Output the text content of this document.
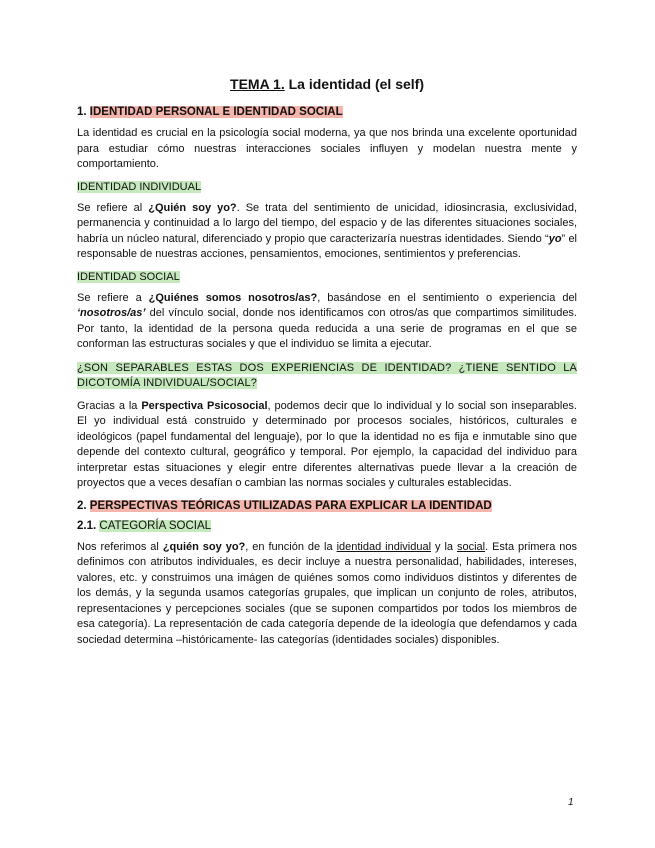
TEMA 1. La identidad (el self)
1. IDENTIDAD PERSONAL E IDENTIDAD SOCIAL

La identidad es crucial en la psicología social moderna, ya que nos brinda una excelente oportunidad para estudiar cómo nuestras interacciones sociales influyen y modelan nuestra mente y comportamiento.

IDENTIDAD INDIVIDUAL

Se refiere al ¿Quién soy yo?. Se trata del sentimiento de unicidad, idiosincrasia, exclusividad, permanencia y continuidad a lo largo del tiempo, del espacio y de las diferentes situaciones sociales, habría un núcleo natural, diferenciado y propio que caracterizaría nuestras identidades. Siendo “yo” el responsable de nuestras acciones, pensamientos, emociones, sentimientos y preferencias.

IDENTIDAD SOCIAL

Se refiere a ¿Quiénes somos nosotros/as?, basándose en el sentimiento o experiencia del ‘nosotros/as’ del vínculo social, donde nos identificamos con otros/as que compartimos similitudes. Por tanto, la identidad de la persona queda reducida a una serie de programas en el que se conforman las estructuras sociales y que el individuo se limita a ejecutar.

¿SON SEPARABLES ESTAS DOS EXPERIENCIAS DE IDENTIDAD? ¿TIENE SENTIDO LA DICOTOMÍA INDIVIDUAL/SOCIAL?

Gracias a la Perspectiva Psicosocial, podemos decir que lo individual y lo social son inseparables. El yo individual está construido y determinado por procesos sociales, históricos, culturales e ideológicos (papel fundamental del lenguaje), por lo que la identidad no es fija e inmutable sino que depende del contexto cultural, geográfico y temporal. Por ejemplo, la capacidad del individuo para interpretar estas situaciones y elegir entre diferentes alternativas puede llevar a la creación de proyectos que a veces desafían o cambian las normas sociales y culturales establecidas.

2. PERSPECTIVAS TEÓRICAS UTILIZADAS PARA EXPLICAR LA IDENTIDAD
2.1. CATEGORÍA SOCIAL

Nos referimos al ¿quién soy yo?, en función de la identidad individual y la social. Esta primera nos definimos con atributos individuales, es decir incluye a nuestra personalidad, habilidades, intereses, valores, etc. y construimos una imágen de quiénes somos como individuos distintos y diferentes de los demás, y la segunda usamos categorías grupales, que implican un conjunto de roles, atributos, representaciones y percepciones sociales (que se suponen compartidos por todos los miembros de esa categoría). La representación de cada categoría depende de la ideología que defendamos y cada sociedad determina –históricamente- las categorías (identidades sociales) disponibles.

1
